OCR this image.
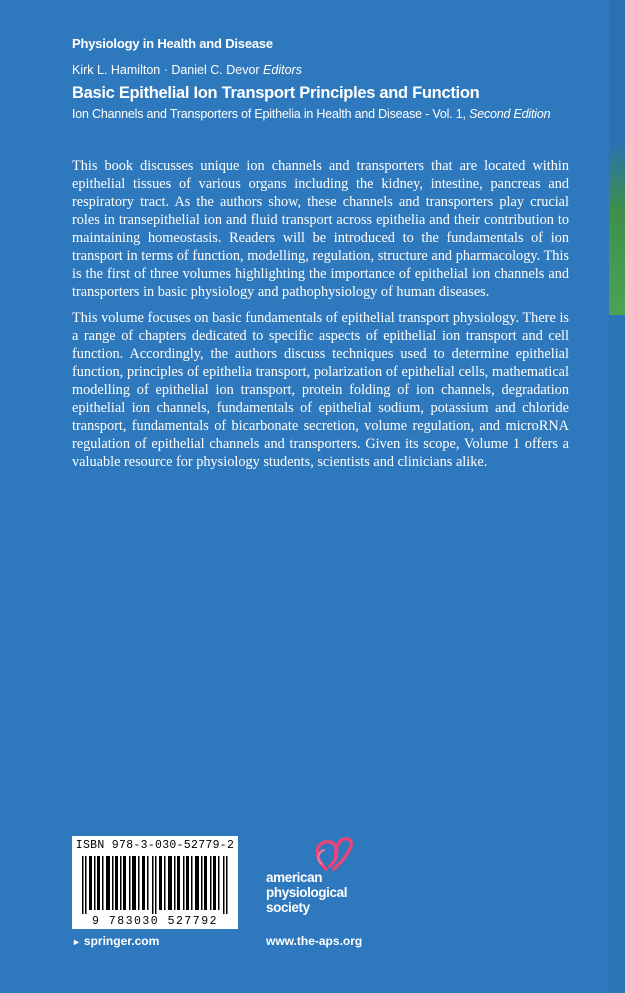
Physiology in Health and Disease
Kirk L. Hamilton · Daniel C. Devor Editors
Basic Epithelial Ion Transport Principles and Function
Ion Channels and Transporters of Epithelia in Health and Disease - Vol. 1, Second Edition

This book discusses unique ion channels and transporters that are located within epithelial tissues of various organs including the kidney, intestine, pancreas and respiratory tract. As the authors show, these channels and transporters play crucial roles in transepithelial ion and fluid transport across epithelia and their contribution to maintaining homeostasis. Readers will be introduced to the fundamentals of ion transport in terms of function, modelling, regulation, structure and pharmacology. This is the first of three volumes highlighting the importance of epithelial ion channels and transporters in basic physiology and pathophysiology of human diseases.

This volume focuses on basic fundamentals of epithelial transport physiology. There is a range of chapters dedicated to specific aspects of epithelial ion transport and cell function. Accordingly, the authors discuss techniques used to determine epithelial function, principles of epithelia transport, polarization of epithelial cells, mathematical modelling of epithelial ion transport, protein folding of ion channels, degradation epithelial ion channels, fundamentals of epithelial sodium, potassium and chloride transport, fundamentals of bicarbonate secretion, volume regulation, and microRNA regulation of epithelial channels and transporters. Given its scope, Volume 1 offers a valuable resource for physiology students, scientists and clinicians alike.

ISBN 978-3-030-52779-2
9 783030 527792
► springer.com
american
physiological
society
www.the-aps.org
